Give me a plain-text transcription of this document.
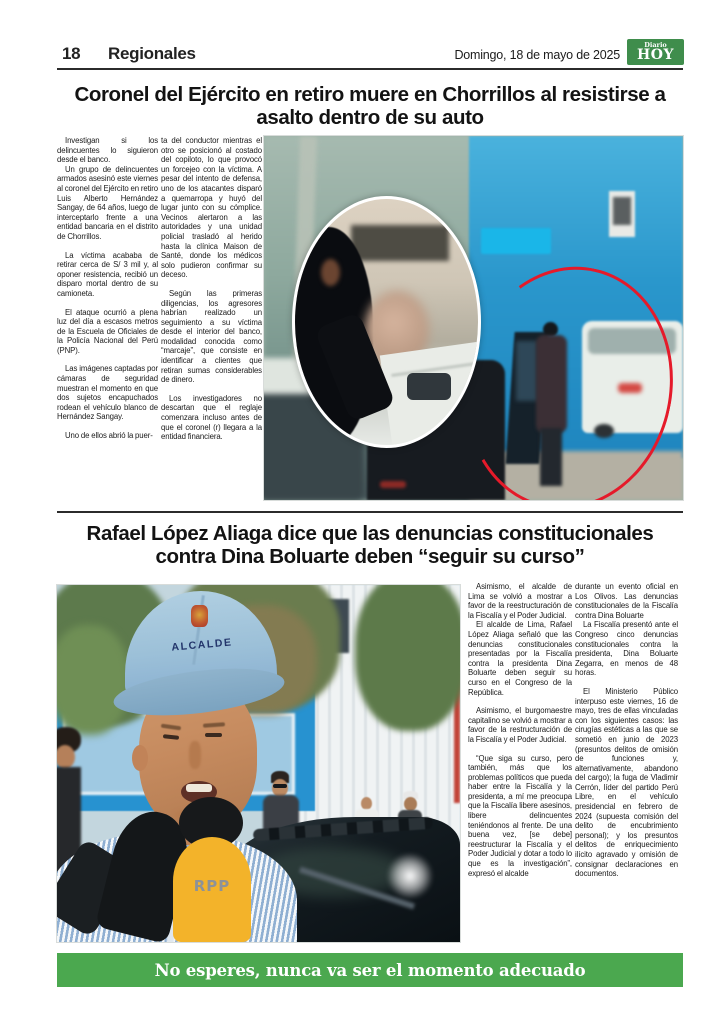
18 Regionales	Domingo, 18 de mayo de 2025
Diario
HOY
Coronel del Ejército en retiro muere en Chorrillos al resistirse a asalto dentro de su auto

Investigan si los delincuentes lo siguieron desde el banco.

Un grupo de delincuentes armados asesinó este viernes al coronel del Ejército en retiro Luis Alberto Hernández Sangay, de 64 años, luego de interceptarlo frente a una entidad bancaria en el distrito de Chorrillos.

La víctima acababa de retirar cerca de S/ 3 mil y, al oponer resistencia, recibió un disparo mortal dentro de su camioneta.

El ataque ocurrió a plena luz del día a escasos metros de la Escuela de Oficiales de la Policía Nacional del Perú (PNP).

Las imágenes captadas por cámaras de seguridad muestran el momento en que dos sujetos encapuchados rodean el vehículo blanco de Hernández Sangay.

Uno de ellos abrió la puer-

ta del conductor mientras el otro se posicionó al costado del copiloto, lo que provocó un forcejeo con la víctima. A pesar del intento de defensa, uno de los atacantes disparó a quemarropa y huyó del lugar junto con su cómplice. Vecinos alertaron a las autoridades y una unidad policial trasladó al herido hasta la clínica Maison de Santé, donde los médicos solo pudieron confirmar su deceso.

Según las primeras diligencias, los agresores habrían realizado un seguimiento a su víctima desde el interior del banco, modalidad conocida como “marcaje”, que consiste en identificar a clientes que retiran sumas considerables de dinero.

Los investigadores no descartan que el reglaje comenzara incluso antes de que el coronel (r) llegara a la entidad financiera.

Rafael López Aliaga dice que las denuncias constitucionales contra Dina Boluarte deben “seguir su curso”
ALCALDE
RPP

Asimismo, el alcalde de Lima se volvió a mostrar a favor de la reestructuración de la Fiscalía y el Poder Judicial.

El alcalde de Lima, Rafael López Aliaga señaló que las denuncias constitucionales presentadas por la Fiscalía contra la presidenta Dina Boluarte deben seguir su curso en el Congreso de la República.

Asimismo, el burgomaestre capitalino se volvió a mostrar a favor de la restructuración de la Fiscalía y el Poder Judicial.

“Que siga su curso, pero también, más que los problemas políticos que pueda haber entre la Fiscalía y la presidenta, a mí me preocupa que la Fiscalía libere asesinos, libere delincuentes teniéndonos al frente. De una buena vez, [se debe] reestructurar la Fiscalía y el Poder Judicial y dotar a todo lo que es la investigación”, expresó el alcalde

durante un evento oficial en Los Olivos. Las denuncias constitucionales de la Fiscalía contra Dina Boluarte

La Fiscalía presentó ante el Congreso cinco denuncias constitucionales contra la presidenta, Dina Boluarte Zegarra, en menos de 48 horas.

El Ministerio Público interpuso este viernes, 16 de mayo, tres de ellas vinculadas con los siguientes casos: las cirugías estéticas a las que se sometió en junio de 2023 (presuntos delitos de omisión de funciones y, alternativamente, abandono del cargo); la fuga de Vladimir Cerrón, líder del partido Perú Libre, en el vehículo presidencial en febrero de 2024 (supuesta comisión del delito de encubrimiento personal); y los presuntos delitos de enriquecimiento ilícito agravado y omisión de consignar declaraciones en documentos.

No esperes, nunca va ser el momento adecuado
